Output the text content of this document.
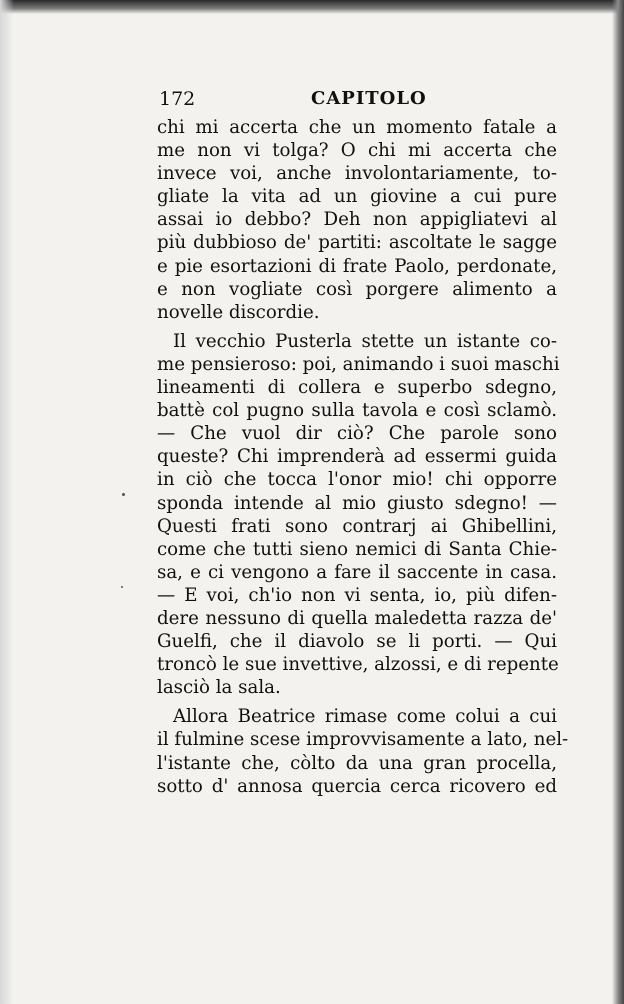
172	CAPITOLO
chi mi accerta che un momento fatale a
me non vi tolga? O chi mi accerta che
invece voi, anche involontariamente, to-
gliate la vita ad un giovine a cui pure
assai io debbo? Deh non appigliatevi al
più dubbioso de' partiti: ascoltate le sagge
e pie esortazioni di frate Paolo, perdonate,
e non vogliate così porgere alimento a
novelle discordie.
Il vecchio Pusterla stette un istante co-
me pensieroso: poi, animando i suoi maschi
lineamenti di collera e superbo sdegno,
battè col pugno sulla tavola e così sclamò.
— Che vuol dir ciò? Che parole sono
queste? Chi imprenderà ad essermi guida
in ciò che tocca l'onor mio! chi opporre
sponda intende al mio giusto sdegno! —
Questi frati sono contrarj ai Ghibellini,
come che tutti sieno nemici di Santa Chie-
sa, e ci vengono a fare il saccente in casa.
— E voi, ch'io non vi senta, io, più difen-
dere nessuno di quella maledetta razza de'
Guelfi, che il diavolo se li porti. — Qui
troncò le sue invettive, alzossi, e di repente
lasciò la sala.
Allora Beatrice rimase come colui a cui
il fulmine scese improvvisamente a lato, nel-
l'istante che, còlto da una gran procella,
sotto d' annosa quercia cerca ricovero ed
